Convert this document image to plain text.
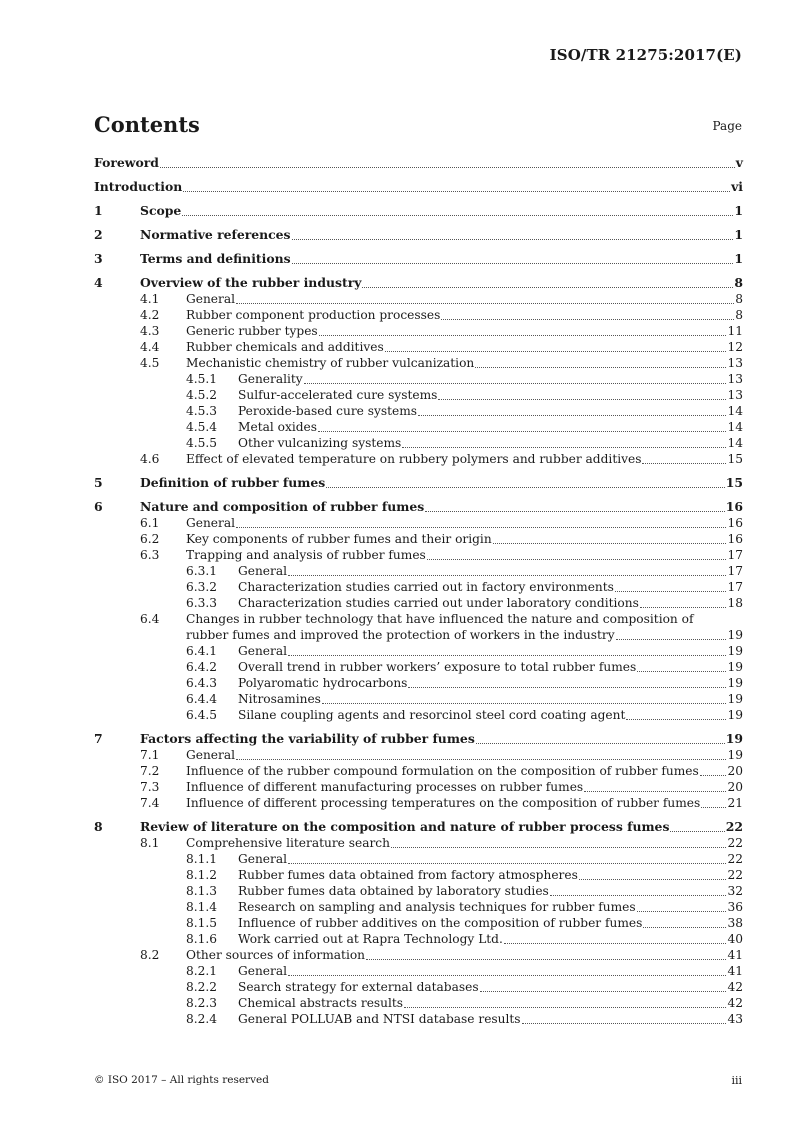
ISO/TR 21275:2017(E)
Contents	Page
Foreword	v
Introduction	vi
1	Scope	1
2	Normative references	1
3	Terms and definitions	1
4	Overview of the rubber industry	8
4.1	General	8
4.2	Rubber component production processes	8
4.3	Generic rubber types	11
4.4	Rubber chemicals and additives	12
4.5	Mechanistic chemistry of rubber vulcanization	13
4.5.1	Generality	13
4.5.2	Sulfur-accelerated cure systems	13
4.5.3	Peroxide-based cure systems	14
4.5.4	Metal oxides	14
4.5.5	Other vulcanizing systems	14
4.6	Effect of elevated temperature on rubbery polymers and rubber additives	15
5	Definition of rubber fumes	15
6	Nature and composition of rubber fumes	16
6.1	General	16
6.2	Key components of rubber fumes and their origin	16
6.3	Trapping and analysis of rubber fumes	17
6.3.1	General	17
6.3.2	Characterization studies carried out in factory environments	17
6.3.3	Characterization studies carried out under laboratory conditions	18
6.4	Changes in rubber technology that have influenced the nature and composition of
rubber fumes and improved the protection of workers in the industry	19
6.4.1	General	19
6.4.2	Overall trend in rubber workers’ exposure to total rubber fumes	19
6.4.3	Polyaromatic hydrocarbons	19
6.4.4	Nitrosamines	19
6.4.5	Silane coupling agents and resorcinol steel cord coating agent	19
7	Factors affecting the variability of rubber fumes	19
7.1	General	19
7.2	Influence of the rubber compound formulation on the composition of rubber fumes 20
7.3	Influence of different manufacturing processes on rubber fumes	20
7.4	Influence of different processing temperatures on the composition of rubber fumes 21
8	Review of literature on the composition and nature of rubber process fumes	22
8.1	Comprehensive literature search	22
8.1.1	General	22
8.1.2	Rubber fumes data obtained from factory atmospheres	22
8.1.3	Rubber fumes data obtained by laboratory studies	32
8.1.4	Research on sampling and analysis techniques for rubber fumes	36
8.1.5	Influence of rubber additives on the composition of rubber fumes	38
8.1.6	Work carried out at Rapra Technology Ltd.	40
8.2	Other sources of information	41
8.2.1	General	41
8.2.2	Search strategy for external databases	42
8.2.3	Chemical abstracts results	42
8.2.4	General POLLUAB and NTSI database results	43
© ISO 2017 – All rights reserved	iii
